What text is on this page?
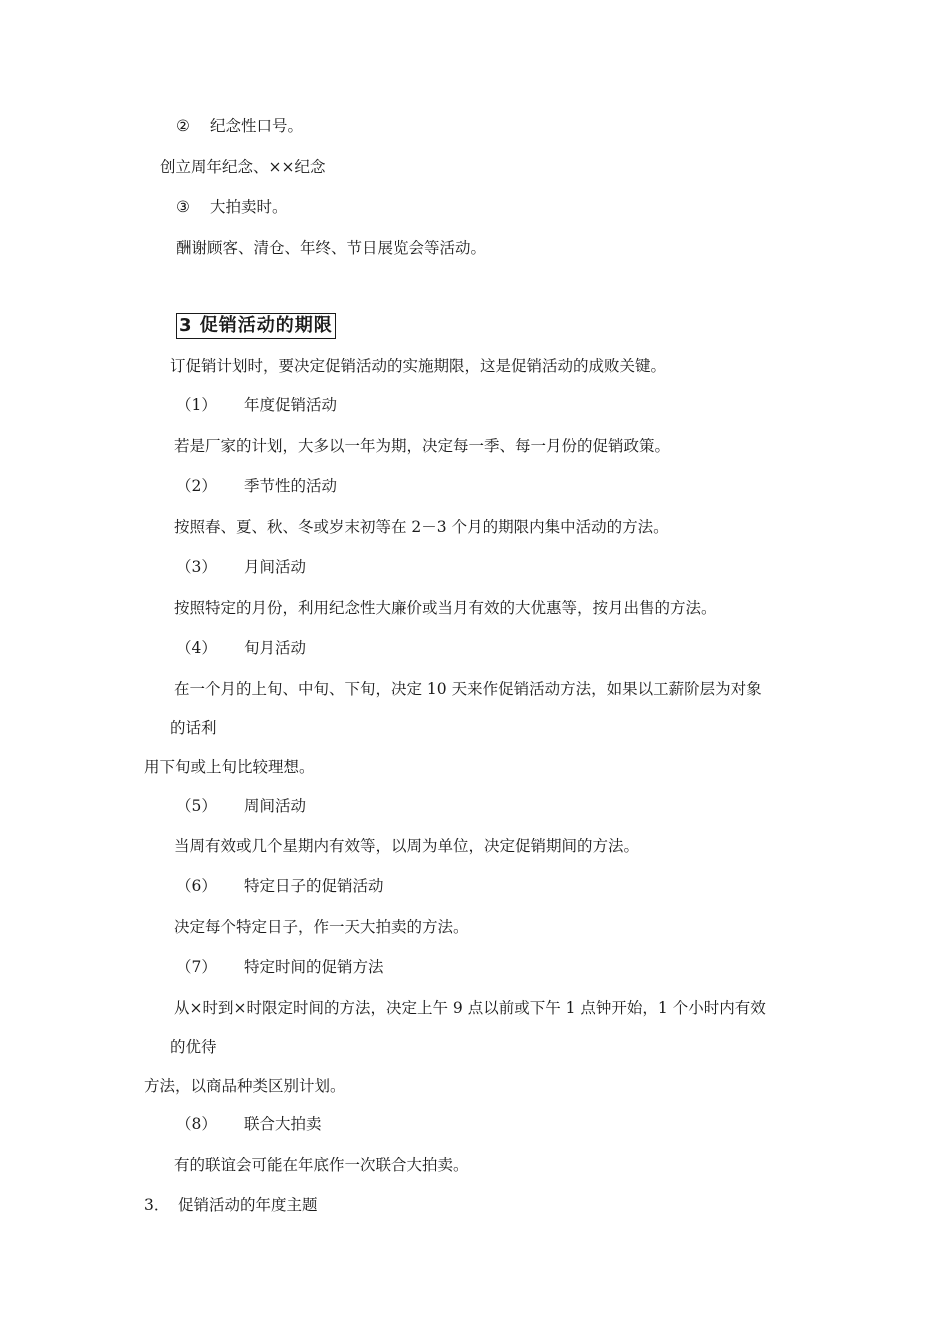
② 纪念性口号。
创立周年纪念、××纪念
③ 大拍卖时。
酬谢顾客、清仓、年终、节日展览会等活动。
3 促销活动的期限
订促销计划时，要决定促销活动的实施期限，这是促销活动的成败关键。
（1） 年度促销活动
若是厂家的计划，大多以一年为期，决定每一季、每一月份的促销政策。
（2） 季节性的活动
按照春、夏、秋、冬或岁末初等在 2－3 个月的期限内集中活动的方法。
（3） 月间活动
按照特定的月份，利用纪念性大廉价或当月有效的大优惠等，按月出售的方法。
（4） 旬月活动
在一个月的上旬、中旬、下旬，决定 10 天来作促销活动方法，如果以工薪阶层为对象
的话利
用下旬或上旬比较理想。
（5） 周间活动
当周有效或几个星期内有效等，以周为单位，决定促销期间的方法。
（6） 特定日子的促销活动
决定每个特定日子，作一天大拍卖的方法。
（7） 特定时间的促销方法
从×时到×时限定时间的方法，决定上午 9 点以前或下午 1 点钟开始，1 个小时内有效
的优待
方法，以商品种类区别计划。
（8） 联合大拍卖
有的联谊会可能在年底作一次联合大拍卖。
3． 促销活动的年度主题
